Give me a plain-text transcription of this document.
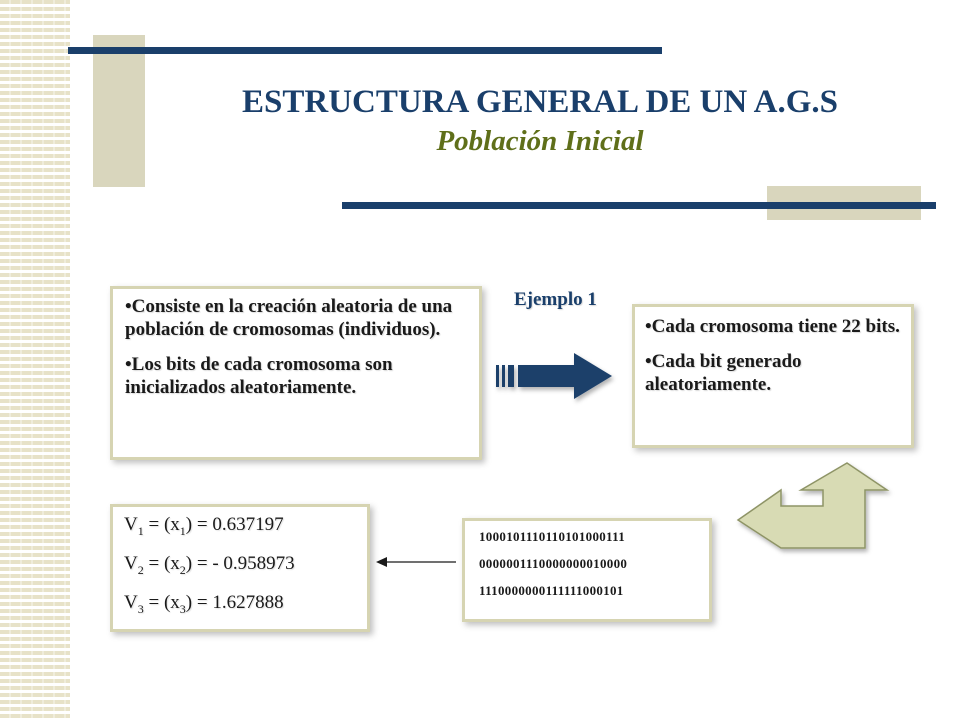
ESTRUCTURA GENERAL DE UN A.G.S
Población Inicial

• Consiste en la creación aleatoria de una población de cromosomas (individuos).

• Los bits de cada cromosoma son inicializados aleatoriamente.

Ejemplo 1

• Cada cromosoma tiene 22 bits.

• Cada bit generado aleatoriamente.

$V_1 = (x_1) = 0.637197$
$V_2 = (x_2)$ = - 0.958973
$V_3 = (x_3) = 1.627888$
1000101110110101000111
0000001110000000010000
1110000000111111000101
